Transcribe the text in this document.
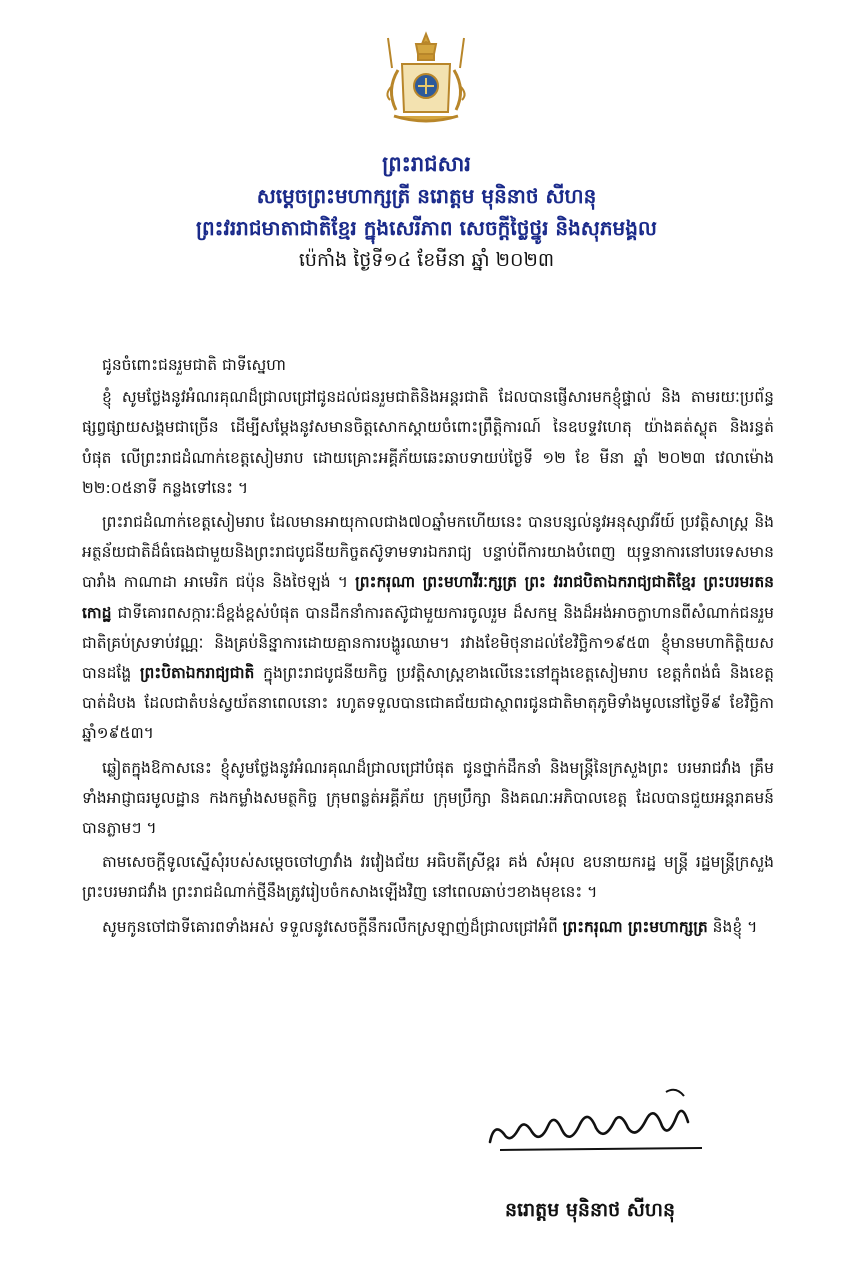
ព្រះរាជសារ
សម្ដេចព្រះមហាក្សត្រី នរោត្ដម មុនិនាថ សីហនុ
ព្រះវររាជមាតាជាតិខ្មែរ ក្នុងសេរីភាព សេចក្ដីថ្លៃថ្នូរ និងសុភមង្គល
ប៉េកាំង ថ្ងៃទី១៤ ខែមីនា ឆ្នាំ ២០២៣

ជូនចំពោះជនរួមជាតិ ជាទីស្នេហា

ខ្ញុំ សូមថ្លែងនូវអំណរគុណដ៏ជ្រាលជ្រៅជូនដល់ជនរួមជាតិនិងអន្ដរជាតិ ដែលបានផ្ញើសារមកខ្ញុំផ្ទាល់ និង តាមរយៈប្រព័ន្ធផ្សព្វផ្សាយសង្គមជាច្រើន ដើម្បីសម្ដែងនូវសមានចិត្តសោកស្ដាយចំពោះព្រឹត្តិការណ៍ នៃឧបទ្ទវហេតុ យ៉ាងគត់ស្លុត និងរន្ធត់បំផុត លើព្រះរាជដំណាក់ខេត្តសៀមរាប ដោយគ្រោះអគ្គីភ័យឆេះឆាបទាយប់ថ្ងៃទី ១២ ខែ មីនា ឆ្នាំ ២០២៣ វេលាម៉ោង ២២:០៥នាទី កន្លងទៅនេះ ។

ព្រះរាជដំណាក់ខេត្តសៀមរាប ដែលមានអាយុកាលជាង៧០ឆ្នាំមកហើយនេះ បានបន្សល់នូវអនុស្សាវរីយ៍ ប្រវត្តិសាស្ត្រ និងអត្ថន័យជាតិដ៏ធំធេងជាមួយនិងព្រះរាជបូជនីយកិច្ចតស៊ូទាមទារឯករាជ្យ បន្ទាប់ពីការយាងបំពេញ យុទ្ធនាការនៅបរទេសមាន បារាំង កាណាដា អាមេរិក ជប៉ុន និងថៃឡង់ ។ ព្រះករុណា ព្រះមហាវីរៈក្សត្រ ព្រះ វររាជបិតាឯករាជ្យជាតិខ្មែរ ព្រះបរមរតនកោដ្ឋ ជាទីគោរពសក្ការៈដ៏ខ្ពង់ខ្ពស់បំផុត បានដឹកនាំការតស៊ូជាមួយការចូលរួម ដ៏សកម្ម និងដ៏អង់អាចក្លាហានពីសំណាក់ជនរួមជាតិគ្រប់ស្រទាប់វណ្ណៈ និងគ្រប់និន្នាការដោយគ្មានការបង្ហូរឈាម។ រវាងខែមិថុនាដល់ខែវិច្ឆិកា១៩៥៣ ខ្ញុំមានមហាកិត្តិយសបានដង្ហែ ព្រះបិតាឯករាជ្យជាតិ ក្នុងព្រះរាជបូជនីយកិច្ច ប្រវត្តិសាស្ត្រខាងលើនេះនៅក្នុងខេត្តសៀមរាប ខេត្តកំពង់ធំ និងខេត្តបាត់ដំបង ដែលជាតំបន់ស្វយ័តនាពេលនោះ រហូតទទួលបានជោគជ័យជាស្ថាពរជូនជាតិមាតុភូមិទាំងមូលនៅថ្ងៃទី៩ ខែវិច្ឆិកា ឆ្នាំ១៩៥៣។

ឆ្លៀតក្នុងឱកាសនេះ ខ្ញុំសូមថ្លែងនូវអំណរគុណដ៏ជ្រាលជ្រៅបំផុត ជូនថ្នាក់ដឹកនាំ និងមន្ត្រីនៃក្រសួងព្រះ បរមរាជវាំង គ្រឹមទាំងអាជ្ញាធរមូលដ្ឋាន កងកម្លាំងសមត្ថកិច្ច ក្រុមពន្លត់អគ្គីភ័យ ក្រុមប្រឹក្សា និងគណៈអភិបាលខេត្ត ដែលបានជួយអន្ដរាគមន៍បានភ្លាមៗ ។

តាមសេចក្ដីទូលស្នើសុំរបស់សម្ដេចចៅហ្វាវាំង វរវៀងជ័យ អធិបតីស្រីឧ្ករ គង់ សំអុល ឧបនាយករដ្ឋ មន្ត្រី រដ្ឋមន្ត្រីក្រសួងព្រះបរមរាជវាំង ព្រះរាជដំណាក់ថ្មីនឹងត្រូវរៀបចំកសាងឡើងវិញ នៅពេលឆាប់ៗខាងមុខនេះ ។

សូមកូនចៅជាទីគោរពទាំងអស់ ទទួលនូវសេចក្ដីនឹករលឹកស្រឡាញ់ដ៏ជ្រាលជ្រៅអំពី ព្រះករុណា ព្រះមហាក្សត្រ និងខ្ញុំ ។

នរោត្ដម មុនិនាថ សីហនុ
